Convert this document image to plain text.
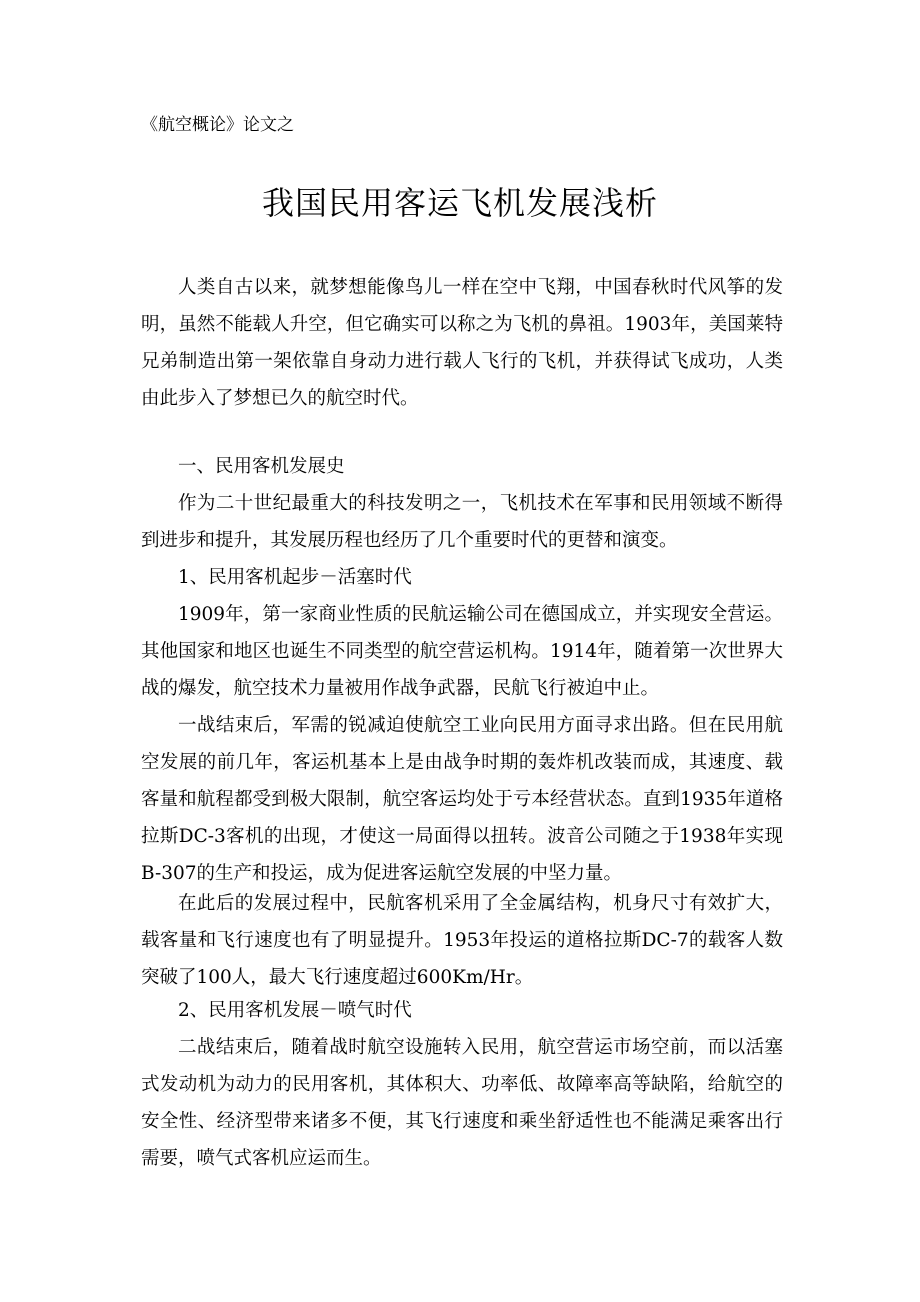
《航空概论》论文之
我国民用客运飞机发展浅析

人类自古以来，就梦想能像鸟儿一样在空中飞翔，中国春秋时代风筝的发明，虽然不能载人升空，但它确实可以称之为飞机的鼻祖。1903年，美国莱特兄弟制造出第一架依靠自身动力进行载人飞行的飞机，并获得试飞成功，人类由此步入了梦想已久的航空时代。

一、民用客机发展史

作为二十世纪最重大的科技发明之一，飞机技术在军事和民用领域不断得到进步和提升，其发展历程也经历了几个重要时代的更替和演变。

1、民用客机起步－活塞时代

1909年，第一家商业性质的民航运输公司在德国成立，并实现安全营运。其他国家和地区也诞生不同类型的航空营运机构。1914年，随着第一次世界大战的爆发，航空技术力量被用作战争武器，民航飞行被迫中止。

一战结束后，军需的锐减迫使航空工业向民用方面寻求出路。但在民用航空发展的前几年，客运机基本上是由战争时期的轰炸机改装而成，其速度、载客量和航程都受到极大限制，航空客运均处于亏本经营状态。直到1935年道格拉斯DC-3客机的出现，才使这一局面得以扭转。波音公司随之于1938年实现B-307的生产和投运，成为促进客运航空发展的中坚力量。

在此后的发展过程中，民航客机采用了全金属结构，机身尺寸有效扩大，载客量和飞行速度也有了明显提升。1953年投运的道格拉斯DC-7的载客人数突破了100人，最大飞行速度超过600Km/Hr。

2、民用客机发展－喷气时代

二战结束后，随着战时航空设施转入民用，航空营运市场空前，而以活塞式发动机为动力的民用客机，其体积大、功率低、故障率高等缺陷，给航空的安全性、经济型带来诸多不便，其飞行速度和乘坐舒适性也不能满足乘客出行需要，喷气式客机应运而生。
